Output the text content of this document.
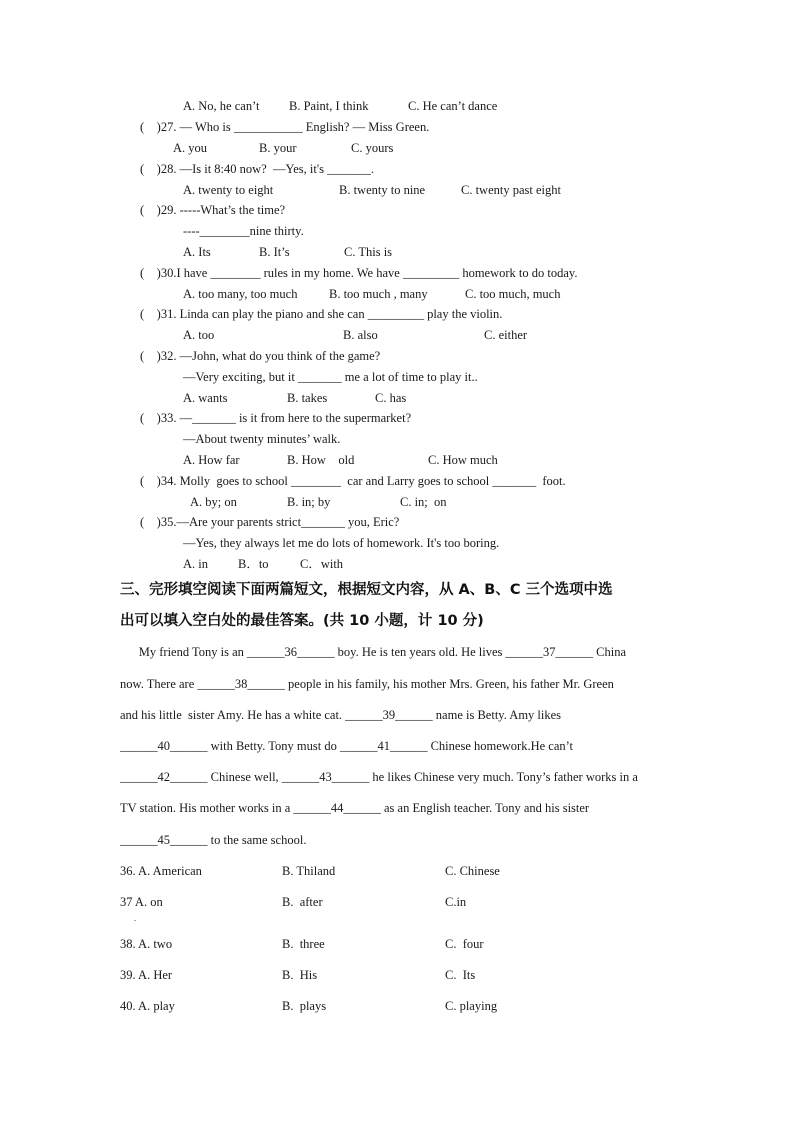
A. No, he can’t B. Paint, I think	C. He can’t dance
(    )27. — Who is ___________ English? — Miss Green.
A. you	B. your	C. yours
(    )28. —Is it 8:40 now?  —Yes, it's _______.
A. twenty to eight	B. twenty to nine	C. twenty past eight
(    )29. -----What’s the time?
----________nine thirty.
A. Its	B. It’s	C. This is
(    )30.I have ________ rules in my home. We have _________ homework to do today.
A. too many, too much	B. too much , many	C. too much, much
(    )31. Linda can play the piano and she can _________ play the violin.
A. too	B. also	C. either
(    )32. —John, what do you think of the game?
—Very exciting, but it _______ me a lot of time to play it..
A. wants	B. takes	C. has
(    )33. —_______ is it from here to the supermarket?
—About twenty minutes’ walk.
A. How far	B. How    old	C. How much
(    )34. Molly  goes to school ________  car and Larry goes to school _______  foot.
A. by; on	B. in; by	C. in;  on
(    )35.—Are your parents strict_______ you, Eric?
—Yes, they always let me do lots of homework. It's too boring.
A. in B．to	C．with
三、完形填空阅读下面两篇短文，根据短文内容，从 A、B、C 三个选项中选
出可以填入空白处的最佳答案。(共 10 小题，计 10 分)
My friend Tony is an ______36______ boy. He is ten years old. He lives ______37______ China
now. There are ______38______ people in his family, his mother Mrs. Green, his father Mr. Green
and his little  sister Amy. He has a white cat. ______39______ name is Betty. Amy likes
______40______ with Betty. Tony must do ______41______ Chinese homework.He can’t
______42______ Chinese well, ______43______ he likes Chinese very much. Tony’s father works in a
TV station. His mother works in a ______44______ as an English teacher. Tony and his sister
______45______ to the same school.
36. A. American	B. Thiland	C. Chinese
37 A. on	B.  after	C.in
.
38. A. two	B.  three	C.  four
39. A. Her	B.  His	C.  Its
40. A. play	B.  plays	C. playing
